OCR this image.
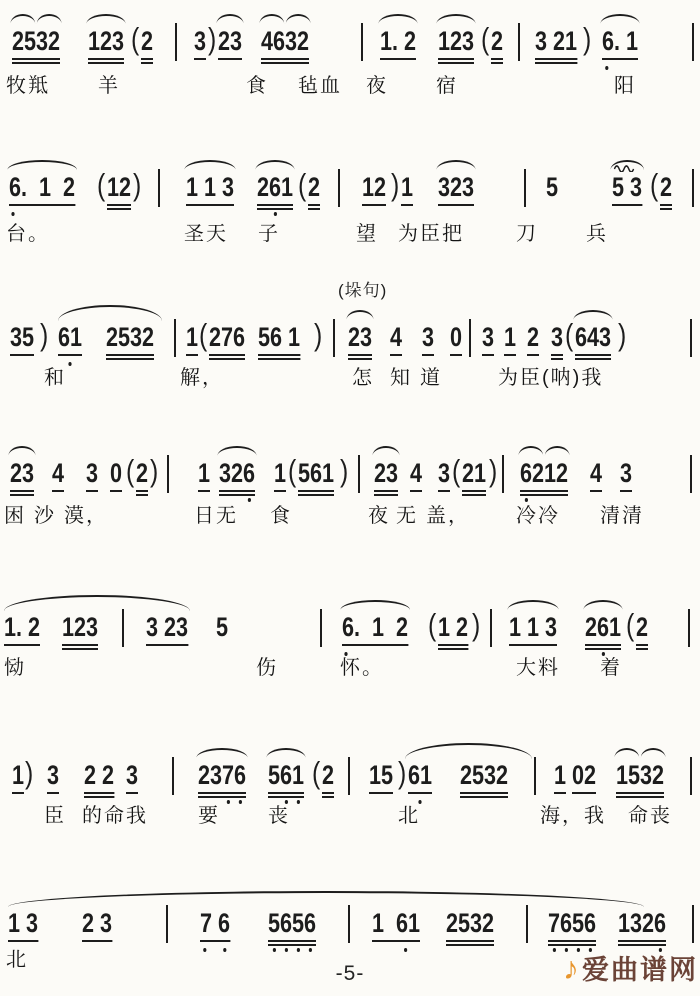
2532 123 ( 2 3 ) 23 4632	1. 2 123 ( 2 3 21 ) 6. 1
牧羝 羊	食 毡血 夜 宿	阳
6.  1  2 ( 12 ) 1 1 3 261 ( 2 12 ) 1 323	5 5 3 ( 2
台。	圣天 子	望 为臣把	刀 兵
35 ) 61 2532 1 ( 276 56 1 ) 23 4 3 0 3 1 2 3 ( 643 )
和	解，	怎 知 道	为臣(呐)我
23 4 3 0 ( 2 ) 1 326 1 ( 561 ) 23 4 3 ( 21 ) 6212 4 3
困 沙 漠，	日无 食	夜 无 盖， 冷冷 清清
1. 2 123 3 23 5	6.  1  2 ( 1 2 ) 1 1 3 261 ( 2
恸	伤	怀。	大料 着
1 ) 3 2 2 3 2376 561 ( 2 15 ) 61 2532 1 02 1532
臣 的命我	要 丧	北	海，我 命丧
1 3 2 3	7 6 5656 1  61 2532 7656 1326
北
(垛句)
-5-	♪ 爱曲谱网
